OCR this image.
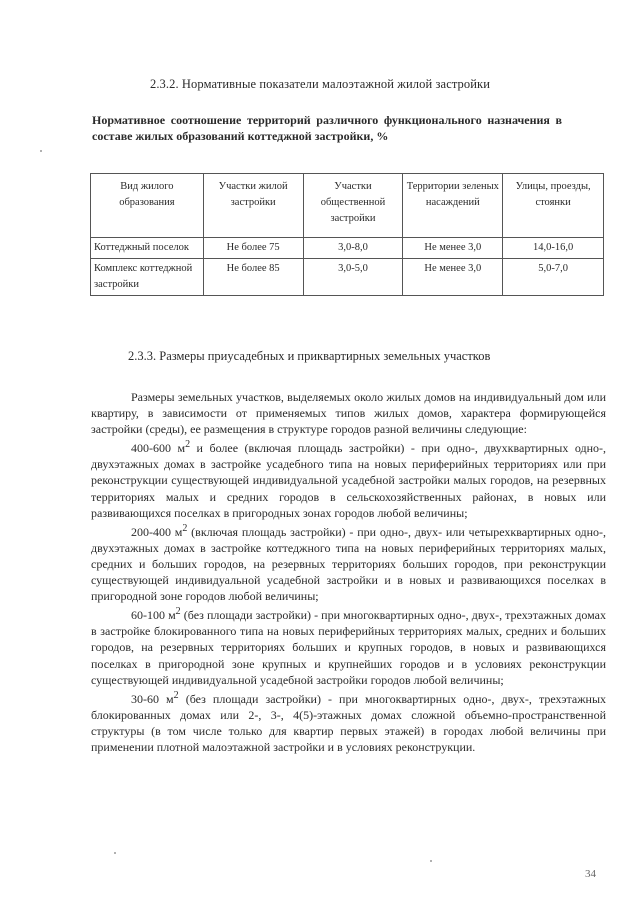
2.3.2. Нормативные показатели малоэтажной жилой застройки
Нормативное соотношение территорий различного функционального назначения в составе жилых образований коттеджной застройки, %
Вид жилого образования	Участки жилой застройки	Участки общественной застройки	Территории зеленых насаждений	Улицы, проезды, стоянки
Коттеджный поселок	Не более 75	3,0-8,0	Не менее 3,0	14,0-16,0
Комплекс коттеджной застройки	Не более 85	3,0-5,0	Не менее 3,0	5,0-7,0
2.3.3. Размеры приусадебных и приквартирных земельных участков

Размеры земельных участков, выделяемых около жилых домов на индивидуальный дом или квартиру, в зависимости от применяемых типов жилых домов, характера формирующейся застройки (среды), ее размещения в структуре городов разной величины следующие:

400-600 $м^2$ и более (включая площадь застройки) - при одно-, двухквартирных одно-, двухэтажных домах в застройке усадебного типа на новых периферийных территориях или при реконструкции существующей индивидуальной усадебной застройки малых городов, на резервных территориях малых и средних городов в сельскохозяйственных районах, в новых или развивающихся поселках в пригородных зонах городов любой величины;

200-400 $м^2$ (включая площадь застройки) - при одно-, двух- или четырехквартирных одно-, двухэтажных домах в застройке коттеджного типа на новых периферийных территориях малых, средних и больших городов, на резервных территориях больших городов, при реконструкции существующей индивидуальной усадебной застройки и в новых и развивающихся поселках в пригородной зоне городов любой величины;

60-100 $м^2$ (без площади застройки) - при многоквартирных одно-, двух-, трехэтажных домах в застройке блокированного типа на новых периферийных территориях малых, средних и больших городов, на резервных территориях больших и крупных городов, в новых и развивающихся поселках в пригородной зоне крупных и крупнейших городов и в условиях реконструкции существующей индивидуальной усадебной застройки городов любой величины;

30-60 $м^2$ (без площади застройки) - при многоквартирных одно-, двух-, трехэтажных блокированных домах или 2-, 3-, 4(5)-этажных домах сложной объемно-пространственной структуры (в том числе только для квартир первых этажей) в городах любой величины при применении плотной малоэтажной застройки и в условиях реконструкции.

34
